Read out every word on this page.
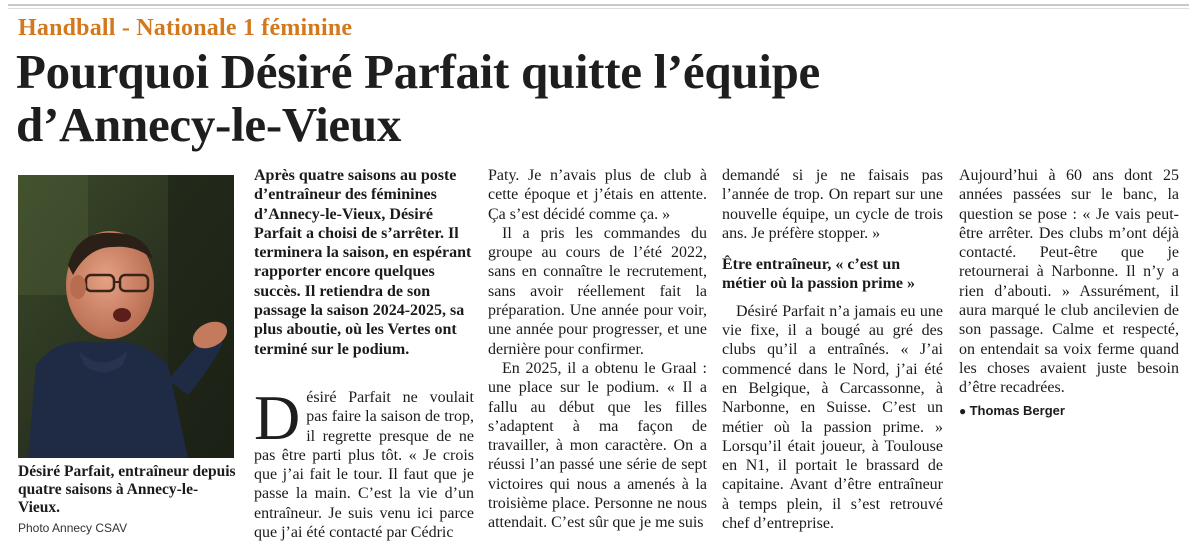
Handball - Nationale 1 féminine
Pourquoi Désiré Parfait quitte l’équipe
d’Annecy-le-Vieux
Désiré Parfait, entraîneur depuis quatre saisons à Annecy-le-Vieux.
Photo Annecy CSAV

Après quatre saisons au poste d’entraîneur des féminines d’Annecy-le-Vieux, Désiré Parfait a choisi de s’arrêter. Il terminera la saison, en espérant rapporter encore quelques succès. Il retiendra de son passage la saison 2024-2025, sa plus aboutie, où les Vertes ont terminé sur le podium.

Désiré Parfait ne voulait pas faire la saison de trop, il regrette presque de ne pas être parti plus tôt. « Je crois que j’ai fait le tour. Il faut que je passe la main. C’est la vie d’un entraîneur. Je suis venu ici parce que j’ai été contacté par Cédric

Paty. Je n’avais plus de club à cette époque et j’étais en attente. Ça s’est décidé comme ça. »

Il a pris les commandes du groupe au cours de l’été 2022, sans en connaître le recrutement, sans avoir réellement fait la préparation. Une année pour voir, une année pour progresser, et une dernière pour confirmer.

En 2025, il a obtenu le Graal : une place sur le podium. « Il a fallu au début que les filles s’adaptent à ma façon de travailler, à mon caractère. On a réussi l’an passé une série de sept victoires qui nous a amenés à la troisième place. Personne ne nous attendait. C’est sûr que je me suis

demandé si je ne faisais pas l’année de trop. On repart sur une nouvelle équipe, un cycle de trois ans. Je préfère stopper. »

Être entraîneur, « c’est un métier où la passion prime »

Désiré Parfait n’a jamais eu une vie fixe, il a bougé au gré des clubs qu’il a entraînés. « J’ai commencé dans le Nord, j’ai été en Belgique, à Carcassonne, à Narbonne, en Suisse. C’est un métier où la passion prime. » Lorsqu’il était joueur, à Toulouse en N1, il portait le brassard de capitaine. Avant d’être entraîneur à temps plein, il s’est retrouvé chef d’entreprise.

Aujourd’hui à 60 ans dont 25 années passées sur le banc, la question se pose : « Je vais peut-être arrêter. Des clubs m’ont déjà contacté. Peut-être que je retournerai à Narbonne. Il n’y a rien d’abouti. » Assurément, il aura marqué le club ancilevien de son passage. Calme et respecté, on entendait sa voix ferme quand les choses avaient juste besoin d’être recadrées.

● Thomas Berger
